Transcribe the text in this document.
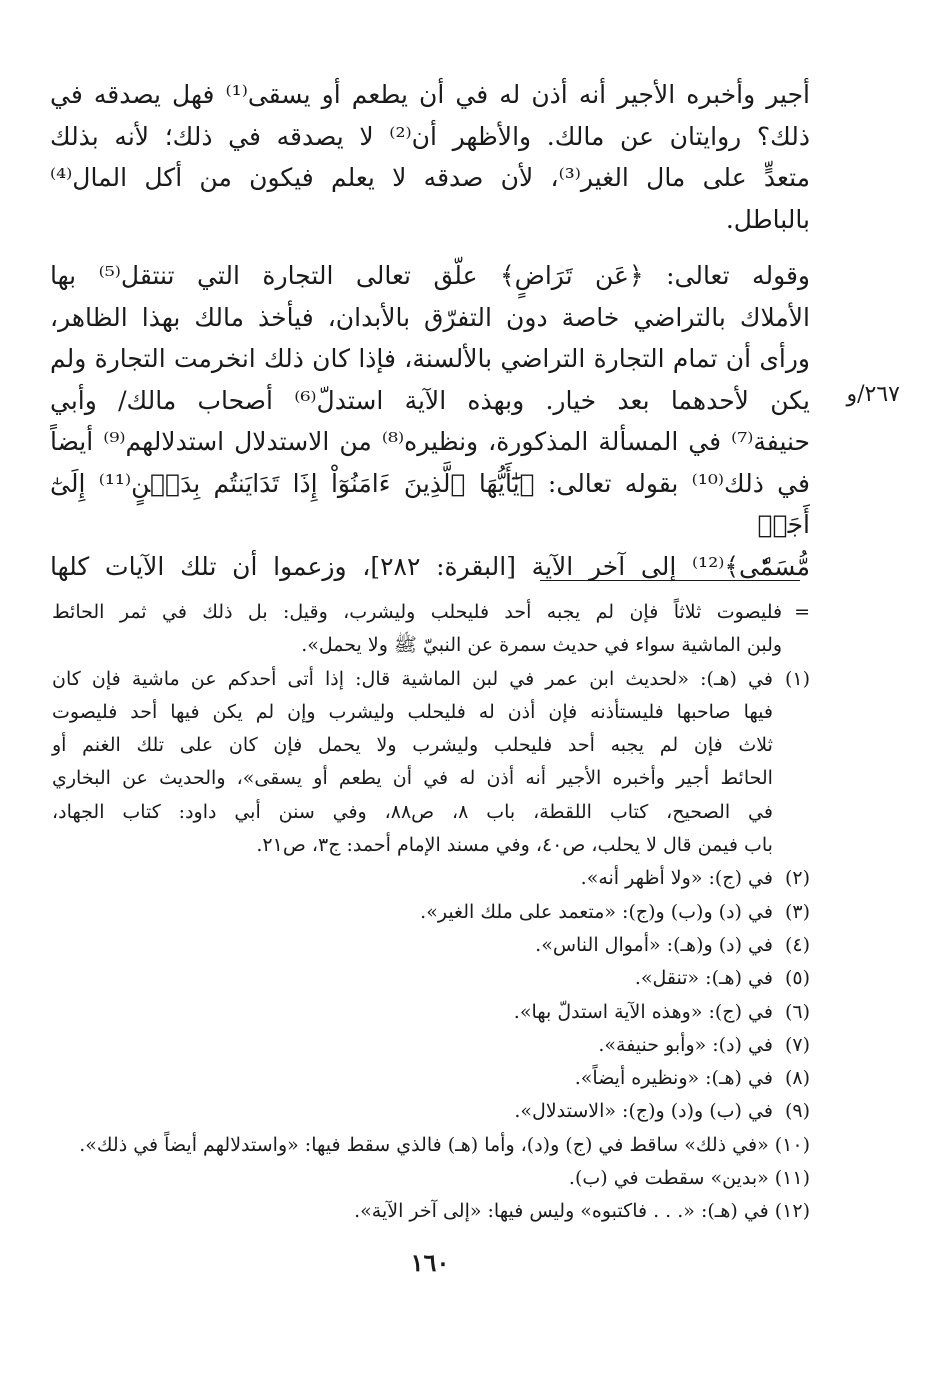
أجير وأخبره الأجير أنه أذن له في أن يطعم أو يسقى⁽¹⁾ فهل يصدقه في
ذلك؟ روايتان عن مالك. والأظهر أن⁽²⁾ لا يصدقه في ذلك؛ لأنه بذلك
متعدٍّ على مال الغير⁽³⁾، لأن صدقه لا يعلم فيكون من أكل المال⁽⁴⁾
بالباطل.

وقوله تعالى: ﴿عَن تَرَاضٍ﴾ علّق تعالى التجارة التي تنتقل⁽⁵⁾ بها
الأملاك بالتراضي خاصة دون التفرّق بالأبدان، فيأخذ مالك بهذا الظاهر،
ورأى أن تمام التجارة التراضي بالألسنة، فإذا كان ذلك انخرمت التجارة ولم
يكن لأحدهما بعد خيار. وبهذه الآية استدلّ⁽⁶⁾ أصحاب مالك/ وأبي
حنيفة⁽⁷⁾ في المسألة المذكورة، ونظيره⁽⁸⁾ من الاستدلال استدلالهم⁽⁹⁾ أيضاً
في ذلك⁽¹⁰⁾ بقوله تعالى: ﴿يَٰٓأَيُّهَا ٱلَّذِينَ ءَامَنُوٓاْ إِذَا تَدَايَنتُم بِدَيۡنٍ⁽¹¹⁾ إِلَىٰٓ أَجَلٖ
مُّسَمّٗى﴾⁽¹²⁾ إلى آخر الآية [البقرة: ٢٨٢]، وزعموا أن تلك الآيات كلها

٢٦٧/و
=
فليصوت ثلاثاً فإن لم يجبه أحد فليحلب وليشرب، وقيل: بل ذلك في ثمر الحائط
ولبن الماشية سواء في حديث سمرة عن النبيّ ﷺ ولا يحمل».
(١)
في (هـ): «لحديث ابن عمر في لبن الماشية قال: إذا أتى أحدكم عن ماشية فإن كان
فيها صاحبها فليستأذنه فإن أذن له فليحلب وليشرب وإن لم يكن فيها أحد فليصوت
ثلاث فإن لم يجبه أحد فليحلب وليشرب ولا يحمل فإن كان على تلك الغنم أو
الحائط أجير وأخبره الأجير أنه أذن له في أن يطعم أو يسقى»، والحديث عن البخاري
في الصحيح، كتاب اللقطة، باب ٨، ص٨٨، وفي سنن أبي داود: كتاب الجهاد،
باب فيمن قال لا يحلب، ص٤٠، وفي مسند الإمام أحمد: ج٣، ص٢١.
(٢)
في (ج): «ولا أظهر أنه».
(٣)
في (د) و(ب) و(ج): «متعمد على ملك الغير».
(٤)
في (د) و(هـ): «أموال الناس».
(٥)
في (هـ): «تنقل».
(٦)
في (ج): «وهذه الآية استدلّ بها».
(٧)
في (د): «وأبو حنيفة».
(٨)
في (هـ): «ونظيره أيضاً».
(٩)
في (ب) و(د) و(ج): «الاستدلال».
(١٠)
«في ذلك» ساقط في (ج) و(د)، وأما (هـ) فالذي سقط فيها: «واستدلالهم أيضاً في ذلك».
(١١)
«بدين» سقطت في (ب).
(١٢)
في (هـ): «. . . فاكتبوه» وليس فيها: «إلى آخر الآية».
١٦٠
